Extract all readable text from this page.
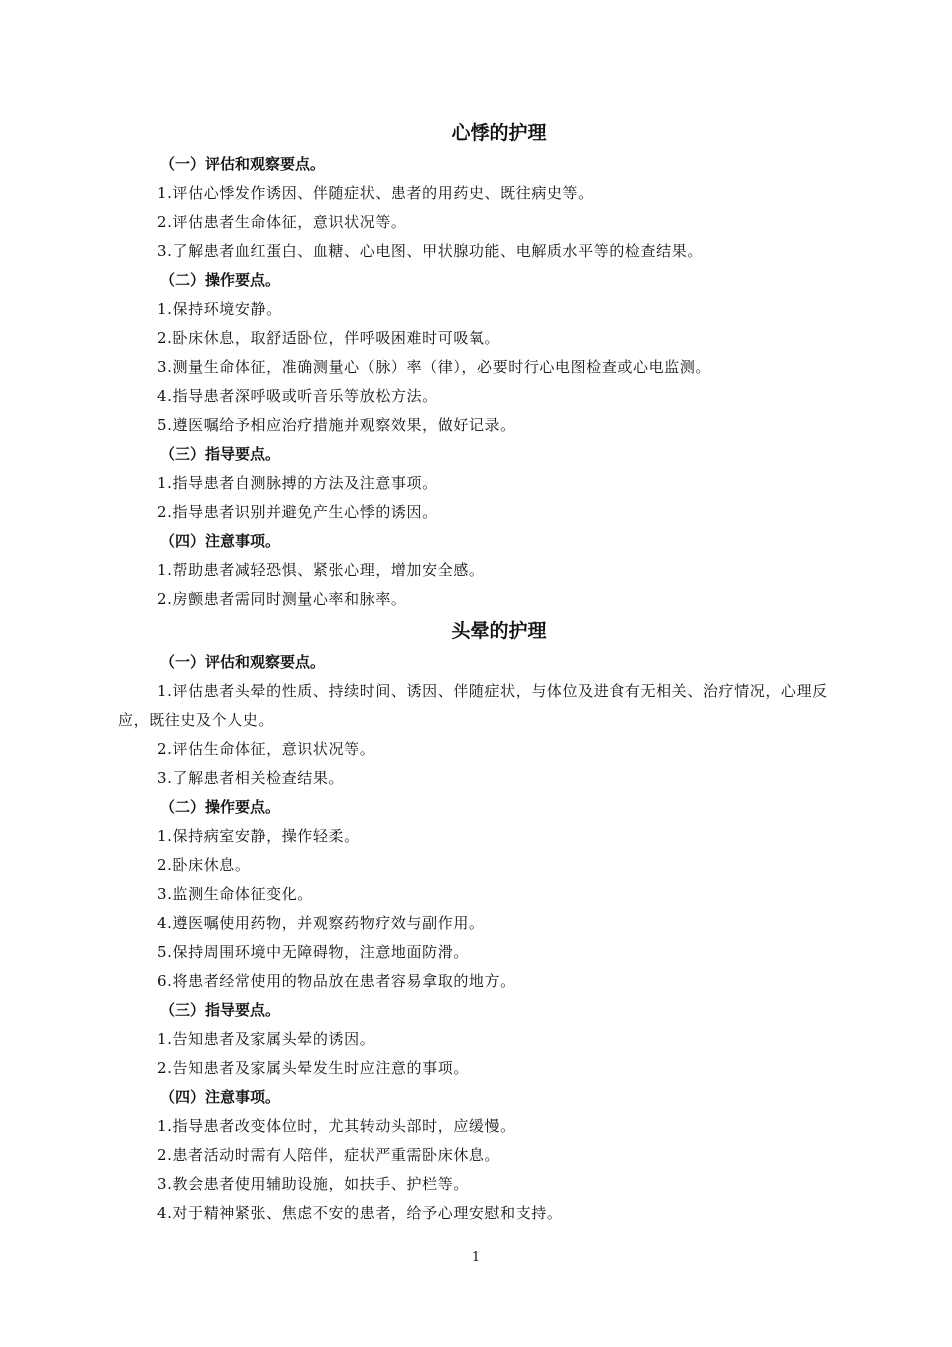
心悸的护理
（一）评估和观察要点。
1.评估心悸发作诱因、伴随症状、患者的用药史、既往病史等。
2.评估患者生命体征，意识状况等。
3.了解患者血红蛋白、血糖、心电图、甲状腺功能、电解质水平等的检查结果。
（二）操作要点。
1.保持环境安静。
2.卧床休息，取舒适卧位，伴呼吸困难时可吸氧。
3.测量生命体征，准确测量心（脉）率（律），必要时行心电图检查或心电监测。
4.指导患者深呼吸或听音乐等放松方法。
5.遵医嘱给予相应治疗措施并观察效果，做好记录。
（三）指导要点。
1.指导患者自测脉搏的方法及注意事项。
2.指导患者识别并避免产生心悸的诱因。
（四）注意事项。
1.帮助患者减轻恐惧、紧张心理，增加安全感。
2.房颤患者需同时测量心率和脉率。
头晕的护理
（一）评估和观察要点。
1.评估患者头晕的性质、持续时间、诱因、伴随症状，与体位及进食有无相关、治疗情况，心理反应，既往史及个人史。
2.评估生命体征，意识状况等。
3.了解患者相关检查结果。
（二）操作要点。
1.保持病室安静，操作轻柔。
2.卧床休息。
3.监测生命体征变化。
4.遵医嘱使用药物，并观察药物疗效与副作用。
5.保持周围环境中无障碍物，注意地面防滑。
6.将患者经常使用的物品放在患者容易拿取的地方。
（三）指导要点。
1.告知患者及家属头晕的诱因。
2.告知患者及家属头晕发生时应注意的事项。
（四）注意事项。
1.指导患者改变体位时，尤其转动头部时，应缓慢。
2.患者活动时需有人陪伴，症状严重需卧床休息。
3.教会患者使用辅助设施，如扶手、护栏等。
4.对于精神紧张、焦虑不安的患者，给予心理安慰和支持。
1
